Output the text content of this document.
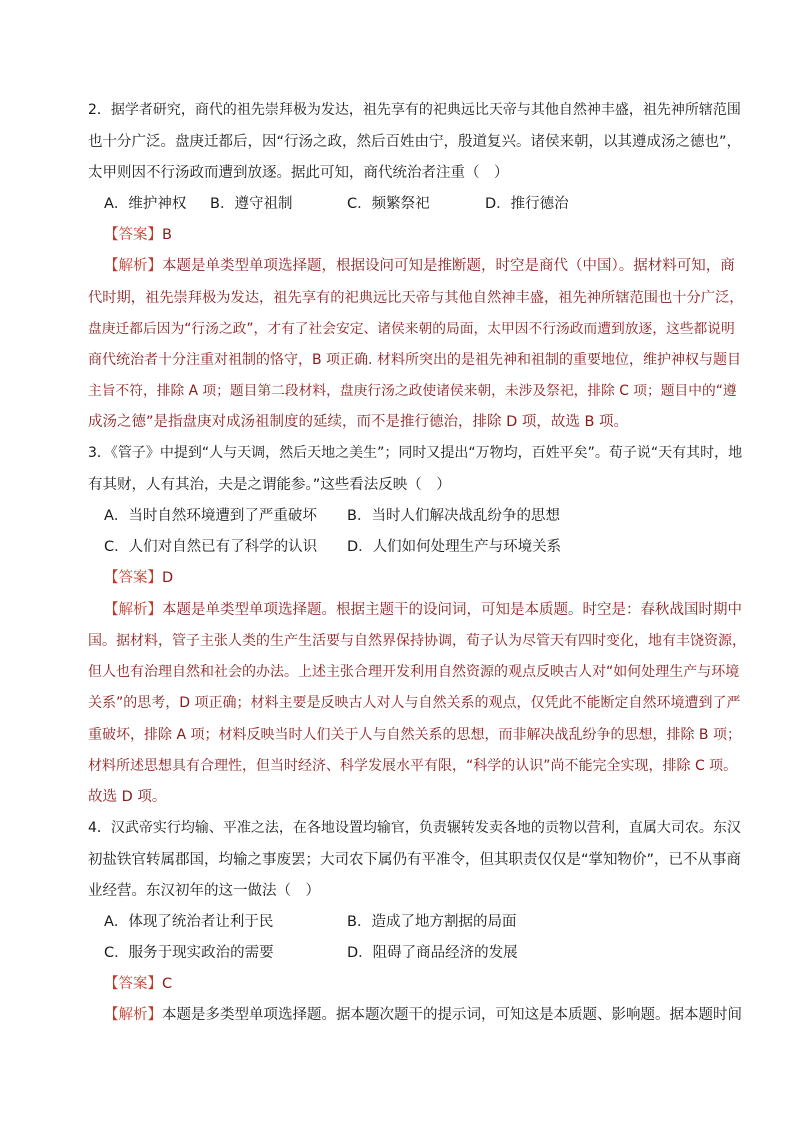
2．据学者研究，商代的祖先崇拜极为发达，祖先享有的祀典远比天帝与其他自然神丰盛，祖先神所辖范围
也十分广泛。盘庚迁都后，因“行汤之政，然后百姓由宁，殷道复兴。诸侯来朝，以其遵成汤之德也”，
太甲则因不行汤政而遭到放逐。据此可知，商代统治者注重（　）
A．维护神权 B．遵守祖制	C．频繁祭祀	D．推行德治
【答案】B
【解析】本题是单类型单项选择题，根据设问可知是推断题，时空是商代（中国）。据材料可知，商
代时期，祖先崇拜极为发达，祖先享有的祀典远比天帝与其他自然神丰盛，祖先神所辖范围也十分广泛，
盘庚迁都后因为“行汤之政”，才有了社会安定、诸侯来朝的局面，太甲因不行汤政而遭到放逐，这些都说明
商代统治者十分注重对祖制的恪守，B 项正确. 材料所突出的是祖先神和祖制的重要地位，维护神权与题目
主旨不符，排除 A 项；题目第二段材料，盘庚行汤之政使诸侯来朝，未涉及祭祀，排除 C 项；题目中的“遵
成汤之德”是指盘庚对成汤祖制度的延续，而不是推行德治，排除 D 项，故选 B 项。
3．《管子》中提到“人与天调，然后天地之美生”；同时又提出“万物均，百姓平矣”。荀子说“天有其时，地
有其财，人有其治，夫是之谓能参。”这些看法反映（　）
A．当时自然环境遭到了严重破坏 B．当时人们解决战乱纷争的思想
C．人们对自然已有了科学的认识 D．人们如何处理生产与环境关系
【答案】D
【解析】本题是单类型单项选择题。根据主题干的设问词，可知是本质题。时空是：春秋战国时期中
国。据材料，管子主张人类的生产生活要与自然界保持协调，荀子认为尽管天有四时变化，地有丰饶资源，
但人也有治理自然和社会的办法。上述主张合理开发利用自然资源的观点反映古人对“如何处理生产与环境
关系”的思考，D 项正确；材料主要是反映古人对人与自然关系的观点，仅凭此不能断定自然环境遭到了严
重破坏，排除 A 项；材料反映当时人们关于人与自然关系的思想，而非解决战乱纷争的思想，排除 B 项；
材料所述思想具有合理性，但当时经济、科学发展水平有限，“科学的认识”尚不能完全实现，排除 C 项。
故选 D 项。
4．汉武帝实行均输、平准之法，在各地设置均输官，负责辗转发卖各地的贡物以营利，直属大司农。东汉
初盐铁官转属郡国，均输之事废罢；大司农下属仍有平准令，但其职责仅仅是“掌知物价”，已不从事商
业经营。东汉初年的这一做法（　）
A．体现了统治者让利于民	B．造成了地方割据的局面
C．服务于现实政治的需要	D．阻碍了商品经济的发展
【答案】C
【解析】本题是多类型单项选择题。据本题次题干的提示词，可知这是本质题、影响题。据本题时间
